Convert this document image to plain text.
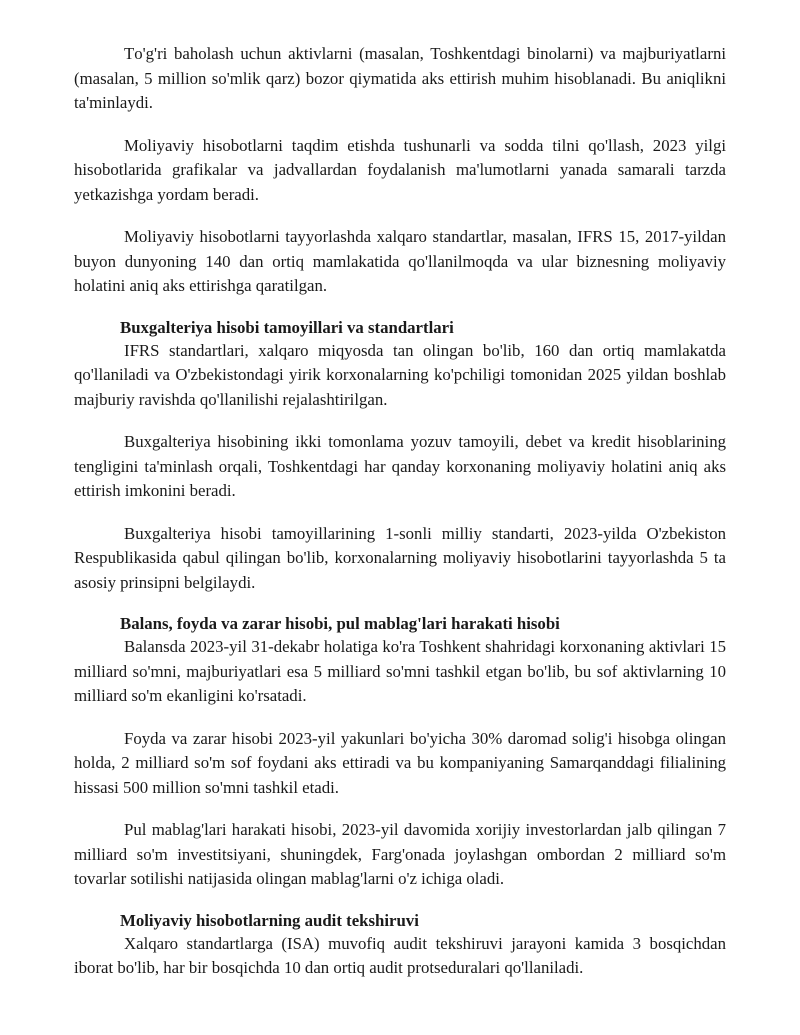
Tо'g'ri baholash uchun aktivlarni (masalan, Toshkentdagi binolarni) va majburiyatlarni (masalan, 5 million so'mlik qarz) bozor qiymatida aks ettirish muhim hisoblanadi. Bu aniqlikni ta'minlaydi.

Moliyaviy hisobotlarni taqdim etishda tushunarli va sodda tilni qo'llash, 2023 yilgi hisobotlarida grafikalar va jadvallardan foydalanish ma'lumotlarni yanada samarali tarzda yetkazishga yordam beradi.

Moliyaviy hisobotlarni tayyorlashda xalqaro standartlar, masalan, IFRS 15, 2017-yildan buyon dunyoning 140 dan ortiq mamlakatida qo'llanilmoqda va ular biznesning moliyaviy holatini aniq aks ettirishga qaratilgan.

Buxgalteriya hisobi tamoyillari va standartlari

IFRS standartlari, xalqaro miqyosda tan olingan bo'lib, 160 dan ortiq mamlakatda qo'llaniladi va O'zbekistondagi yirik korxonalarning ko'pchiligi tomonidan 2025 yildan boshlab majburiy ravishda qo'llanilishi rejalashtirilgan.

Buxgalteriya hisobining ikki tomonlama yozuv tamoyili, debet va kredit hisoblarining tengligini ta'minlash orqali, Toshkentdagi har qanday korxonaning moliyaviy holatini aniq aks ettirish imkonini beradi.

Buxgalteriya hisobi tamoyillarining 1-sonli milliy standarti, 2023-yilda O'zbekiston Respublikasida qabul qilingan bo'lib, korxonalarning moliyaviy hisobotlarini tayyorlashda 5 ta asosiy prinsipni belgilaydi.

Balans, foyda va zarar hisobi, pul mablag'lari harakati hisobi

Balansda 2023-yil 31-dekabr holatiga ko'ra Toshkent shahridagi korxonaning aktivlari 15 milliard so'mni, majburiyatlari esa 5 milliard so'mni tashkil etgan bo'lib, bu sof aktivlarning 10 milliard so'm ekanligini ko'rsatadi.

Foyda va zarar hisobi 2023-yil yakunlari bo'yicha 30% daromad solig'i hisobga olingan holda, 2 milliard so'm sof foydani aks ettiradi va bu kompaniyaning Samarqanddagi filialining hissasi 500 million so'mni tashkil etadi.

Pul mablag'lari harakati hisobi, 2023-yil davomida xorijiy investorlardan jalb qilingan 7 milliard so'm investitsiyani, shuningdek, Farg'onada joylashgan ombordan 2 milliard so'm tovarlar sotilishi natijasida olingan mablag'larni o'z ichiga oladi.

Moliyaviy hisobotlarning audit tekshiruvi

Xalqaro standartlarga (ISA) muvofiq audit tekshiruvi jarayoni kamida 3 bosqichdan iborat bo'lib, har bir bosqichda 10 dan ortiq audit protseduralari qo'llaniladi.
